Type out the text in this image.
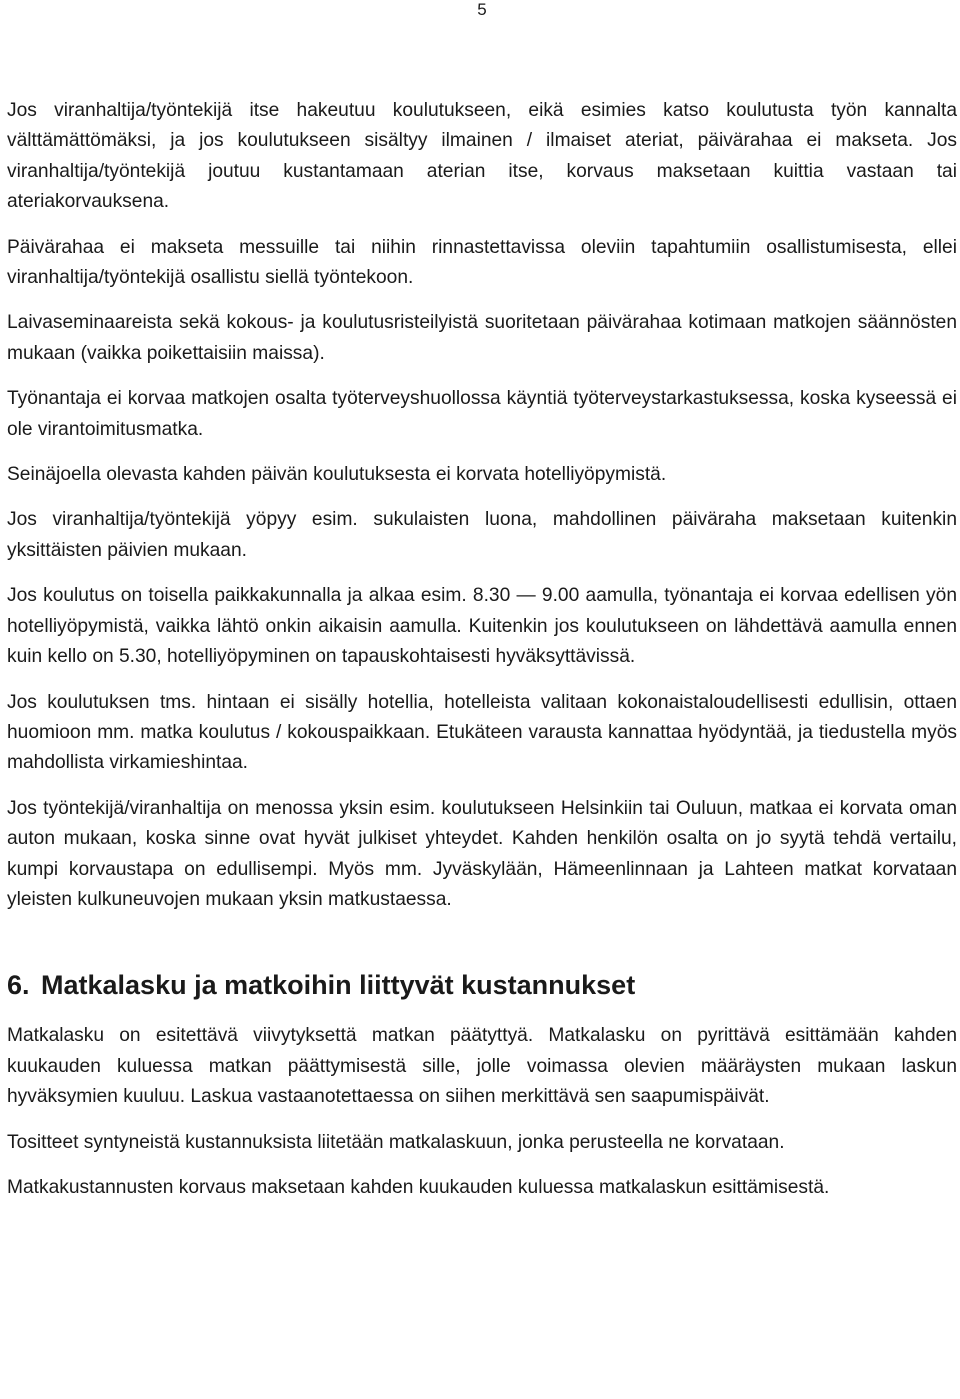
5

Jos viranhaltija/työntekijä itse hakeutuu koulutukseen, eikä esimies katso koulutusta työn kannalta välttämättömäksi, ja jos koulutukseen sisältyy ilmainen / ilmaiset ateriat, päivärahaa ei makseta. Jos viranhaltija/työntekijä joutuu kustantamaan aterian itse, korvaus maksetaan kuittia vastaan tai ateriakorvauksena.

Päivärahaa ei makseta messuille tai niihin rinnastettavissa oleviin tapahtumiin osallistumisesta, ellei viranhaltija/työntekijä osallistu siellä työntekoon.

Laivaseminaareista sekä kokous- ja koulutusristeilyistä suoritetaan päivärahaa kotimaan matkojen säännösten mukaan (vaikka poikettaisiin maissa).

Työnantaja ei korvaa matkojen osalta työterveyshuollossa käyntiä työterveystarkastuksessa, koska kyseessä ei ole virantoimitusmatka.

Seinäjoella olevasta kahden päivän koulutuksesta ei korvata hotelliyöpymistä.

Jos viranhaltija/työntekijä yöpyy esim. sukulaisten luona, mahdollinen päiväraha maksetaan kuitenkin yksittäisten päivien mukaan.

Jos koulutus on toisella paikkakunnalla ja alkaa esim. 8.30 — 9.00 aamulla, työnantaja ei korvaa edellisen yön hotelliyöpymistä, vaikka lähtö onkin aikaisin aamulla. Kuitenkin jos koulutukseen on lähdettävä aamulla ennen kuin kello on 5.30, hotelliyöpyminen on tapauskohtaisesti hyväksyttävissä.

Jos koulutuksen tms. hintaan ei sisälly hotellia, hotelleista valitaan kokonaistaloudellisesti edullisin, ottaen huomioon mm. matka koulutus / kokouspaikkaan. Etukäteen varausta kannattaa hyödyntää, ja tiedustella myös mahdollista virkamieshintaa.

Jos työntekijä/viranhaltija on menossa yksin esim. koulutukseen Helsinkiin tai Ouluun, matkaa ei korvata oman auton mukaan, koska sinne ovat hyvät julkiset yhteydet. Kahden henkilön osalta on jo syytä tehdä vertailu, kumpi korvaustapa on edullisempi. Myös mm. Jyväskylään, Hämeenlinnaan ja Lahteen matkat korvataan yleisten kulkuneuvojen mukaan yksin matkustaessa.

6. Matkalasku ja matkoihin liittyvät kustannukset

Matkalasku on esitettävä viivytyksettä matkan päätyttyä. Matkalasku on pyrittävä esittämään kahden kuukauden kuluessa matkan päättymisestä sille, jolle voimassa olevien määräysten mukaan laskun hyväksymien kuuluu. Laskua vastaanotettaessa on siihen merkittävä sen saapumispäivät.

Tositteet syntyneistä kustannuksista liitetään matkalaskuun, jonka perusteella ne korvataan.

Matkakustannusten korvaus maksetaan kahden kuukauden kuluessa matkalaskun esittämisestä.
